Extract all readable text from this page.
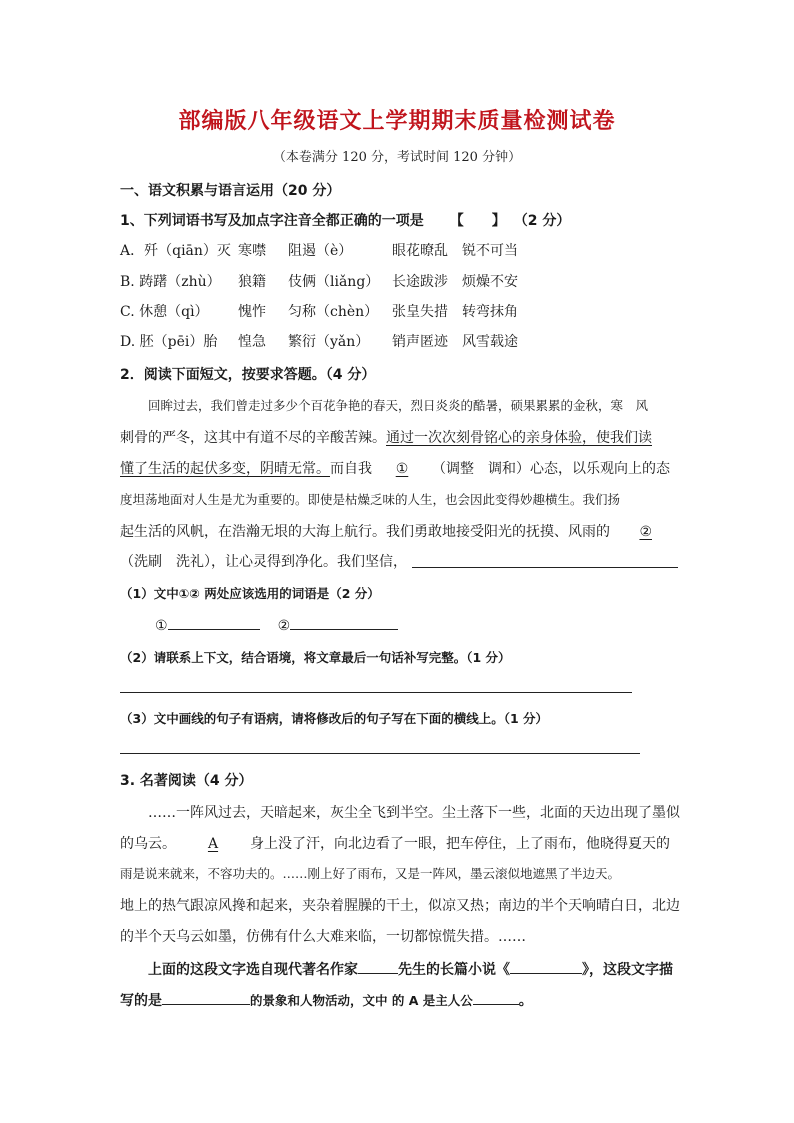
部编版八年级语文上学期期末质量检测试卷
（本卷满分 120 分，考试时间 120 分钟）
一、语文积累与语言运用（20 分）
1、下列词语书写及加点字注音全都正确的一项是 【　　】 （2 分）
A．歼（qiān）灭 寒噤 阻遏（è）	眼花暸乱 锐不可当
B. 踌躇（zhù） 狼籍 伎俩（liǎng） 长途跋涉 烦燥不安
C. 休憩（qì） 愧怍 匀称（chèn） 张皇失措 转弯抹角
D. 胚（pēi）胎 惶急 繁衍（yǎn） 销声匿迹 风雪载途
2．阅读下面短文，按要求答题。（4 分）
回眸过去，我们曾走过多少个百花争艳的春天，烈日炎炎的酷暑，硕果累累的金秋，寒　风
刺骨的严冬，这其中有道不尽的辛酸苦辣。通过一次次刻骨铭心的亲身体验，使我们读
懂了生活的起伏多变，阴晴无常。而自我 ① （调整　调和）心态，以乐观向上的态
度坦荡地面对人生是尤为重要的。即使是枯燥乏味的人生，也会因此变得妙趣横生。我们扬
起生活的风帆，在浩瀚无垠的大海上航行。我们勇敢地接受阳光的抚摸、风雨的 ②
（洗刷　洗礼），让心灵得到净化。我们坚信，
（1）文中①② 两处应该选用的词语是（2 分）
①	②
（2）请联系上下文，结合语境，将文章最后一句话补写完整。（1 分）
（3）文中画线的句子有语病，请将修改后的句子写在下面的横线上。（1 分）
3. 名著阅读（4 分）
……一阵风过去，天暗起来，灰尘全飞到半空。尘土落下一些，北面的天边出现了墨似
的乌云。 A 身上没了汗，向北边看了一眼，把车停住，上了雨布，他晓得夏天的
雨是说来就来，不容功夫的。……刚上好了雨布，又是一阵风，墨云滚似地遮黑了半边天。
地上的热气跟凉风搀和起来，夹杂着腥臊的干土，似凉又热；南边的半个天响晴白日，北边
的半个天乌云如墨，仿佛有什么大难来临，一切都惊慌失措。……
上面的这段文字选自现代著名作家	先生的长篇小说《	》，这段文字描
写的是	的景象和人物活动，文中 的 A 是主人公	。
